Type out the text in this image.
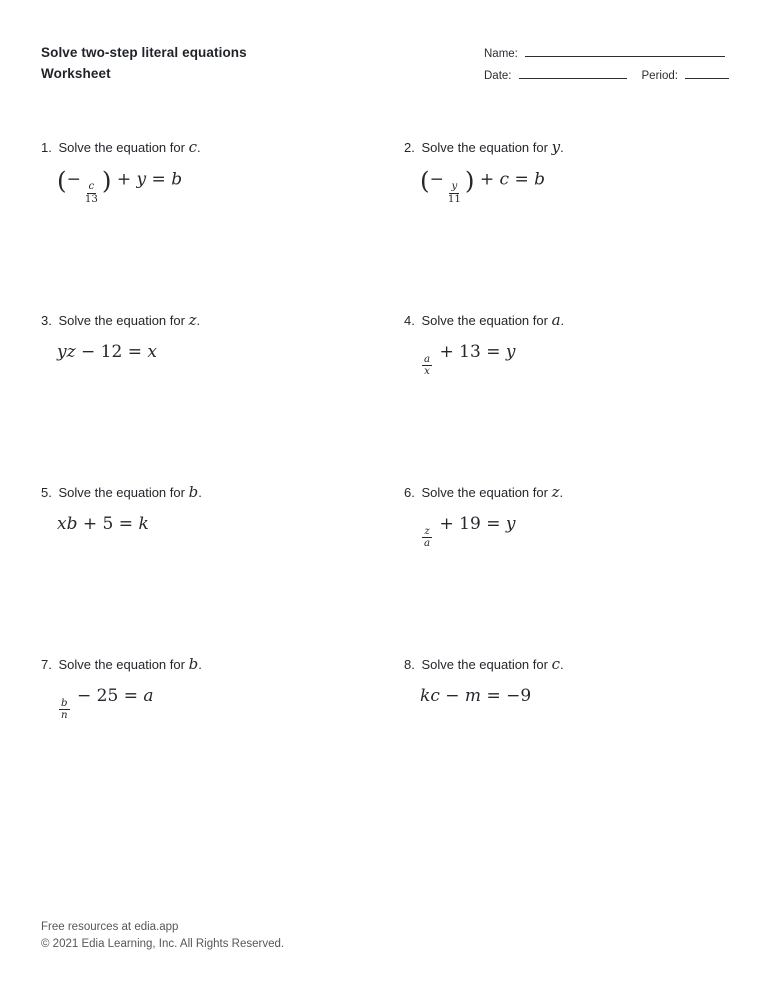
Solve two-step literal equations
Worksheet
Name:
Date:	Period:
1. Solve the equation for c.
(−
$\frac{c}{13}$ ) + y = b
2. Solve the equation for y.
(−
$\frac{y}{11}$ ) + c = b
3. Solve the equation for z.
yz − 12 = x
4. Solve the equation for a.
$\frac{a}{x}$
+ 13 = y
5. Solve the equation for b.
xb + 5 = k
6. Solve the equation for z.
$\frac{z}{a}$
+ 19 = y
7. Solve the equation for b.
$\frac{b}{n}$
− 25 = a
8. Solve the equation for c.
kc − m = −9
Free resources at edia.app
© 2021 Edia Learning, Inc. All Rights Reserved.
